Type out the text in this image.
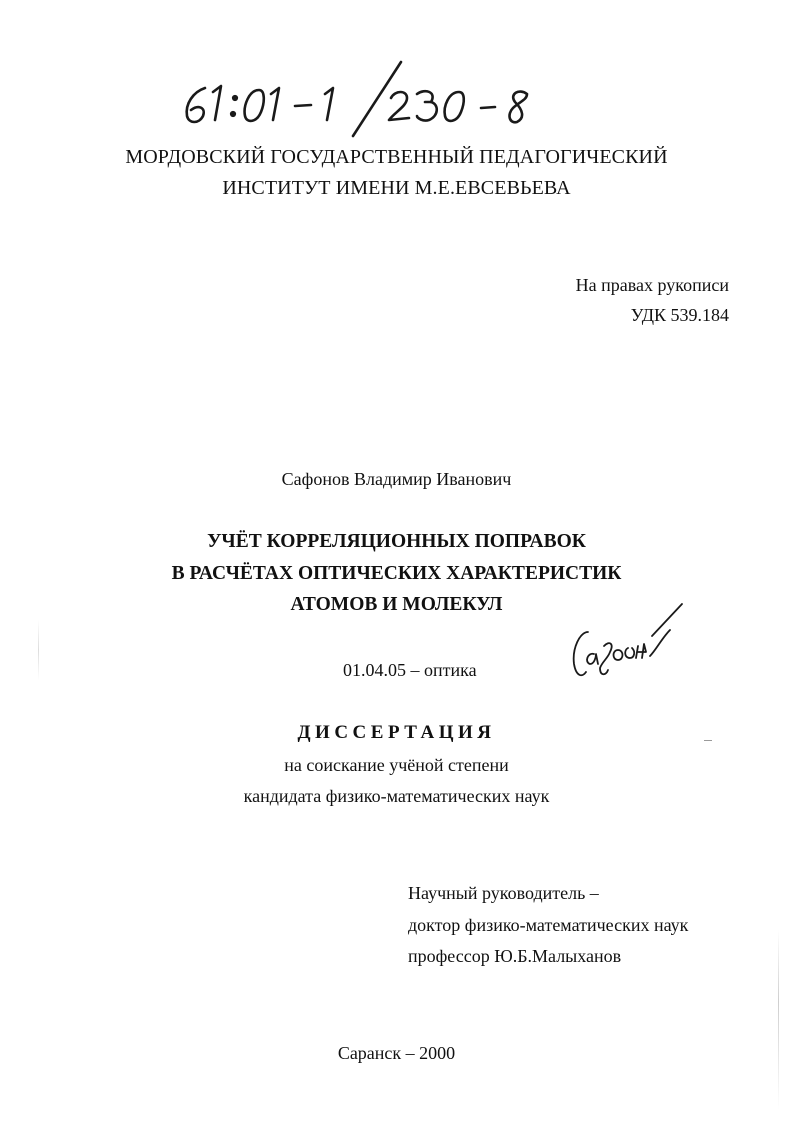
МОРДОВСКИЙ ГОСУДАРСТВЕННЫЙ ПЕДАГОГИЧЕСКИЙ
ИНСТИТУТ ИМЕНИ М.Е.ЕВСЕВЬЕВА
На правах рукописи
УДК 539.184
Сафонов Владимир Иванович
УЧЁТ КОРРЕЛЯЦИОННЫХ ПОПРАВОК
В РАСЧЁТАХ ОПТИЧЕСКИХ ХАРАКТЕРИСТИК
АТОМОВ И МОЛЕКУЛ
01.04.05 – оптика
ДИССЕРТАЦИЯ
на соискание учёной степени
кандидата физико-математических наук
Научный руководитель –
доктор физико-математических наук
профессор Ю.Б.Малыханов
Саранск – 2000
